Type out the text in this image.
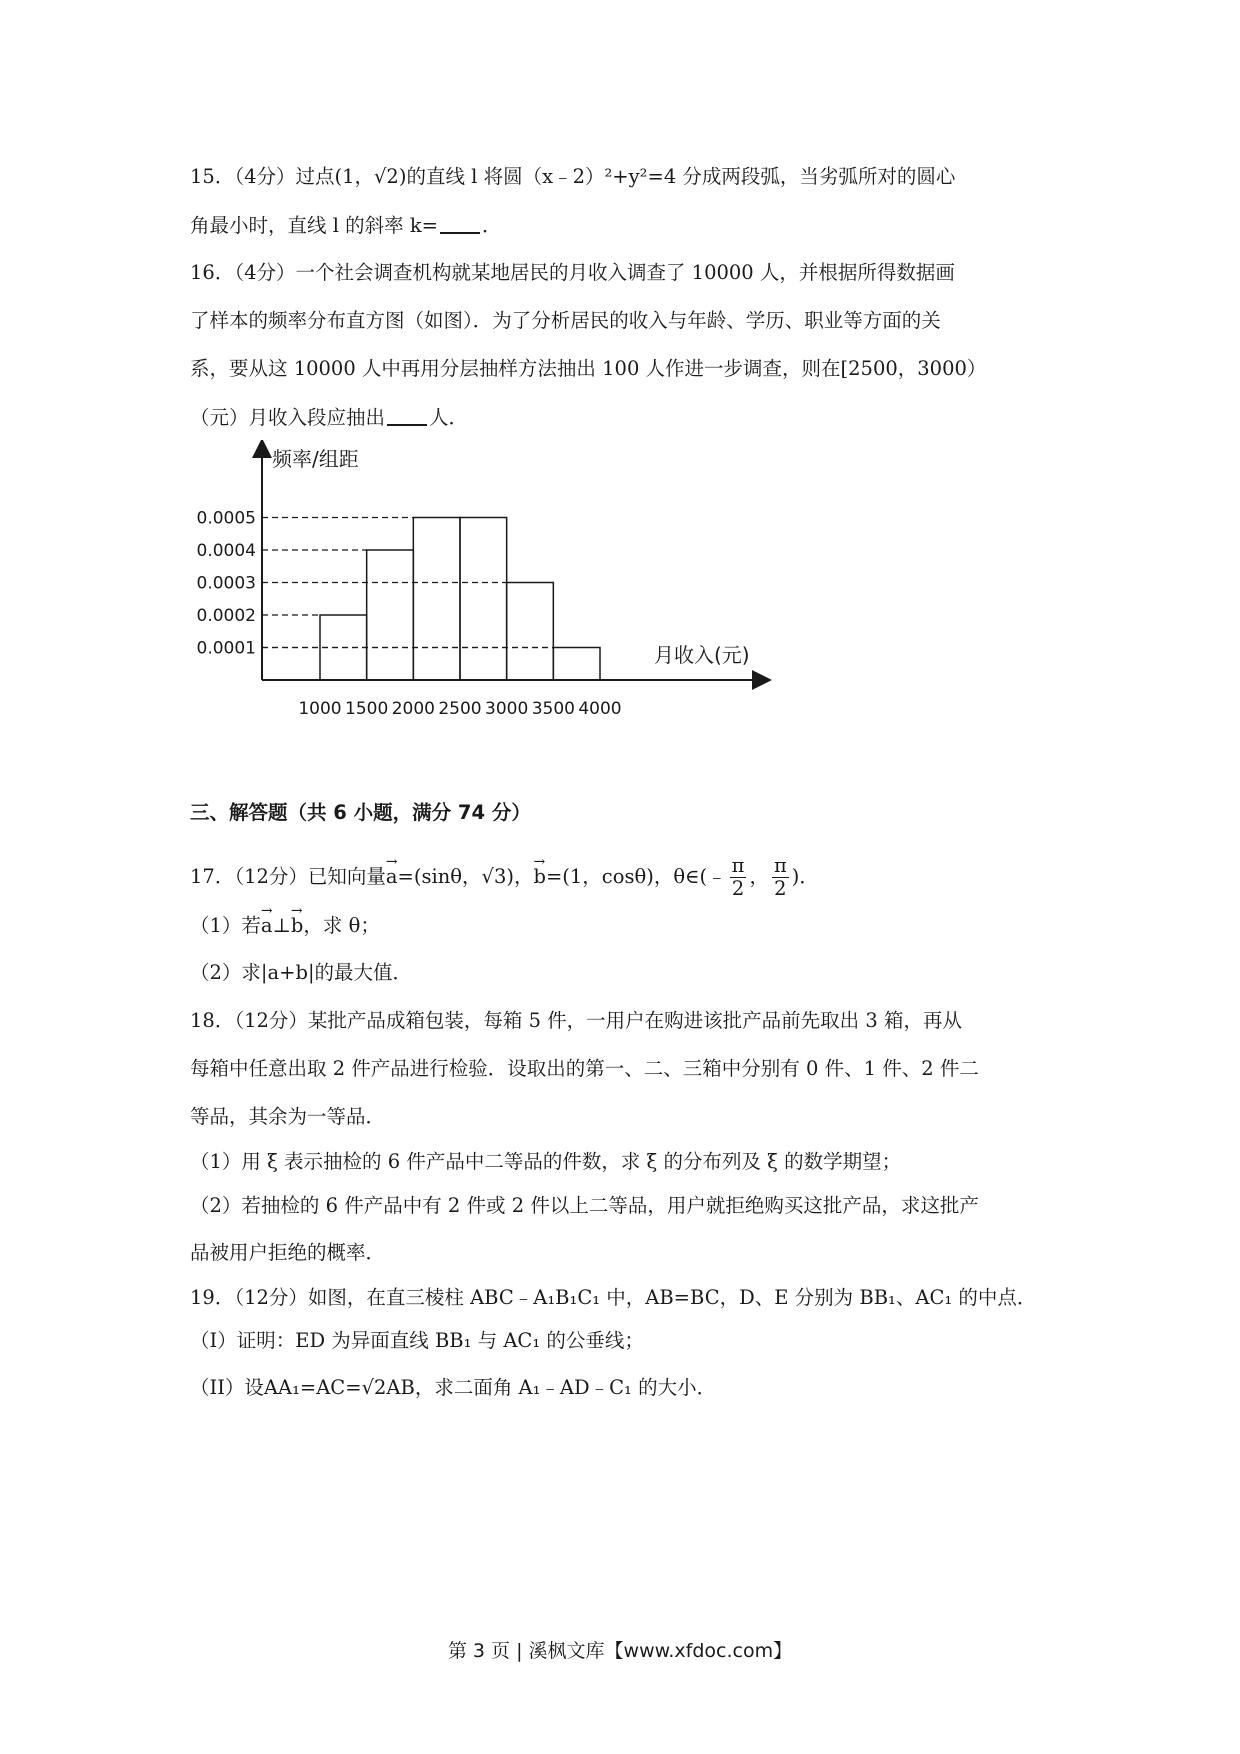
15．（4分）过点(1，√2)的直线 l 将圆（x﹣2）²+y²=4 分成两段弧，当劣弧所对的圆心
角最小时，直线 l 的斜率 k= ．
16．（4分）一个社会调查机构就某地居民的月收入调查了 10000 人，并根据所得数据画
了样本的频率分布直方图（如图）．为了分析居民的收入与年龄、学历、职业等方面的关
系，要从这 10000 人中再用分层抽样方法抽出 100 人作进一步调查，则在[2500，3000）
（元）月收入段应抽出 人．
频率/组距
月收入(元)
0.0001
0.0002
0.0003
0.0004
0.0005
1000 1500 2000 2500 3000 3500 4000
三、解答题（共 6 小题，满分 74 分）
17．（12分）已知向量→ a=(sinθ，√3)，→ b=(1，cosθ)，θ∈(﹣ $\frac{\pi}{2}$ ， $\frac{\pi}{2}$ )．
（1）若→ a⊥→ b，求 θ；
（2）求|a+b|的最大值．
18．（12分）某批产品成箱包装，每箱 5 件，一用户在购进该批产品前先取出 3 箱，再从
每箱中任意出取 2 件产品进行检验．设取出的第一、二、三箱中分别有 0 件、1 件、2 件二
等品，其余为一等品．
（1）用 ξ 表示抽检的 6 件产品中二等品的件数，求 ξ 的分布列及 ξ 的数学期望；
（2）若抽检的 6 件产品中有 2 件或 2 件以上二等品，用户就拒绝购买这批产品，求这批产
品被用户拒绝的概率．
19．（12分）如图，在直三棱柱 ABC﹣A₁B₁C₁ 中，AB=BC，D、E 分别为 BB₁、AC₁ 的中点．
（I）证明：ED 为异面直线 BB₁ 与 AC₁ 的公垂线；
（II）设AA₁=AC=√2AB，求二面角 A₁﹣AD﹣C₁ 的大小．
第 3 页 | 溪枫文库【www.xfdoc.com】
